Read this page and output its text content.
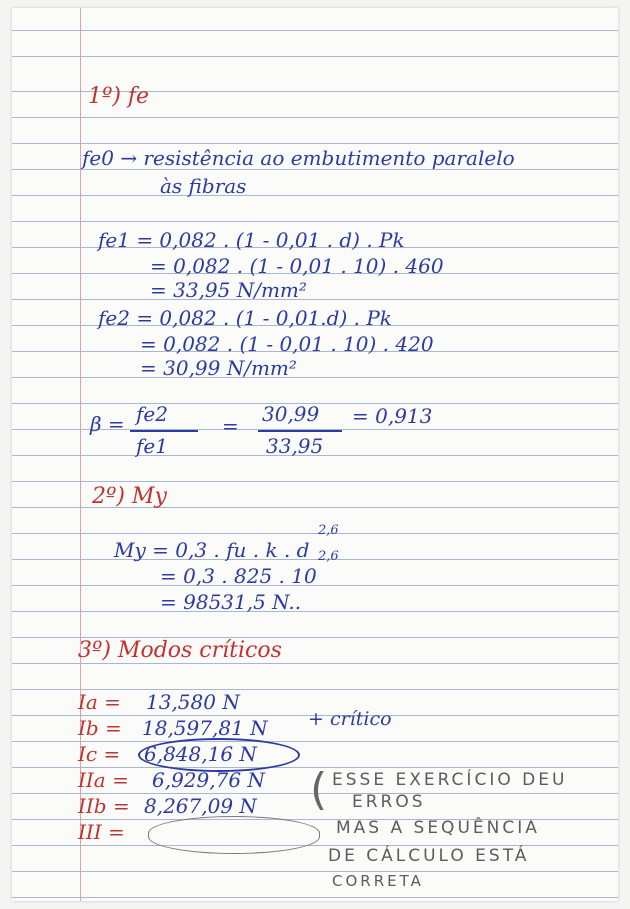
1º) fe
fe0 → resistência ao embutimento paralelo
às fibras
fe1 = 0,082 . (1 - 0,01 . d) . Pk
= 0,082 . (1 - 0,01 . 10) . 460
= 33,95 N/mm²
fe2 = 0,082 . (1 - 0,01.d) . Pk
= 0,082 . (1 - 0,01 . 10) . 420
= 30,99 N/mm²
β = fe2
fe1
= 30,99
33,95
= 0,913
2º) My
My = 0,3 . fu . k . d
2,6
= 0,3 . 825 . 10
2,6
= 98531,5 N..
3º) Modos críticos
Ia = 13,580 N
Ib = 18,597,81 N
Ic = 6,848,16 N
+ crítico
IIa = 6,929,76 N
IIb = 8,267,09 N
III =
( ESSE EXERCÍCIO DEU
ERROS
MAS A SEQUÊNCIA
DE CÁLCULO ESTÁ
CORRETA
